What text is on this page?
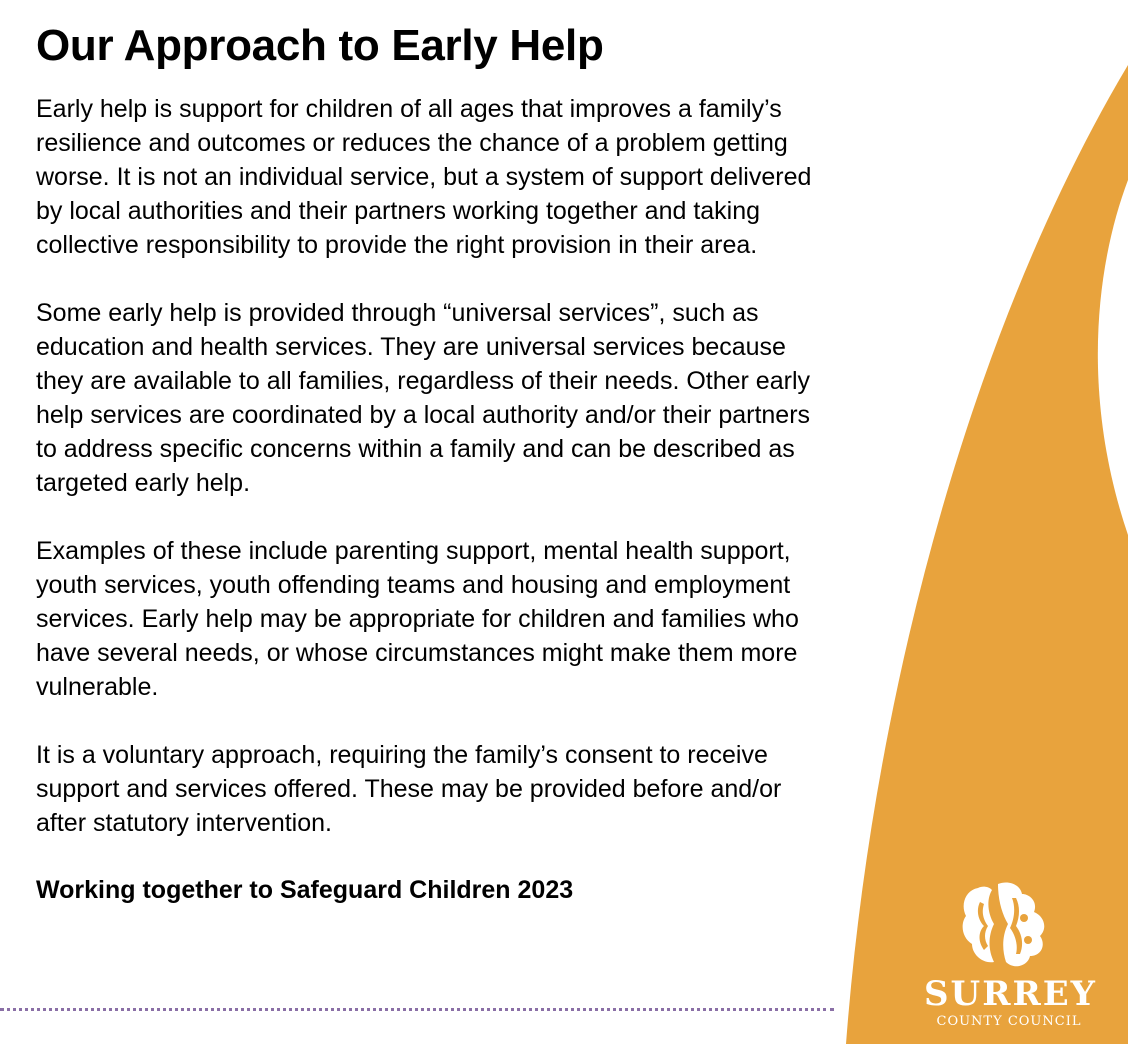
Our Approach to Early Help

Early help is support for children of all ages that improves a family’s resilience and outcomes or reduces the chance of a problem getting worse. It is not an individual service, but a system of support delivered by local authorities and their partners working together and taking collective responsibility to provide the right provision in their area.

Some early help is provided through “universal services”, such as education and health services. They are universal services because they are available to all families, regardless of their needs. Other early help services are coordinated by a local authority and/or their partners to address specific concerns within a family and can be described as targeted early help.

Examples of these include parenting support, mental health support, youth services, youth offending teams and housing and employment services. Early help may be appropriate for children and families who have several needs, or whose circumstances might make them more vulnerable.

It is a voluntary approach, requiring the family’s consent to receive support and services offered. These may be provided before and/or after statutory intervention.

Working together to Safeguard Children 2023

SURREY
COUNTY COUNCIL
